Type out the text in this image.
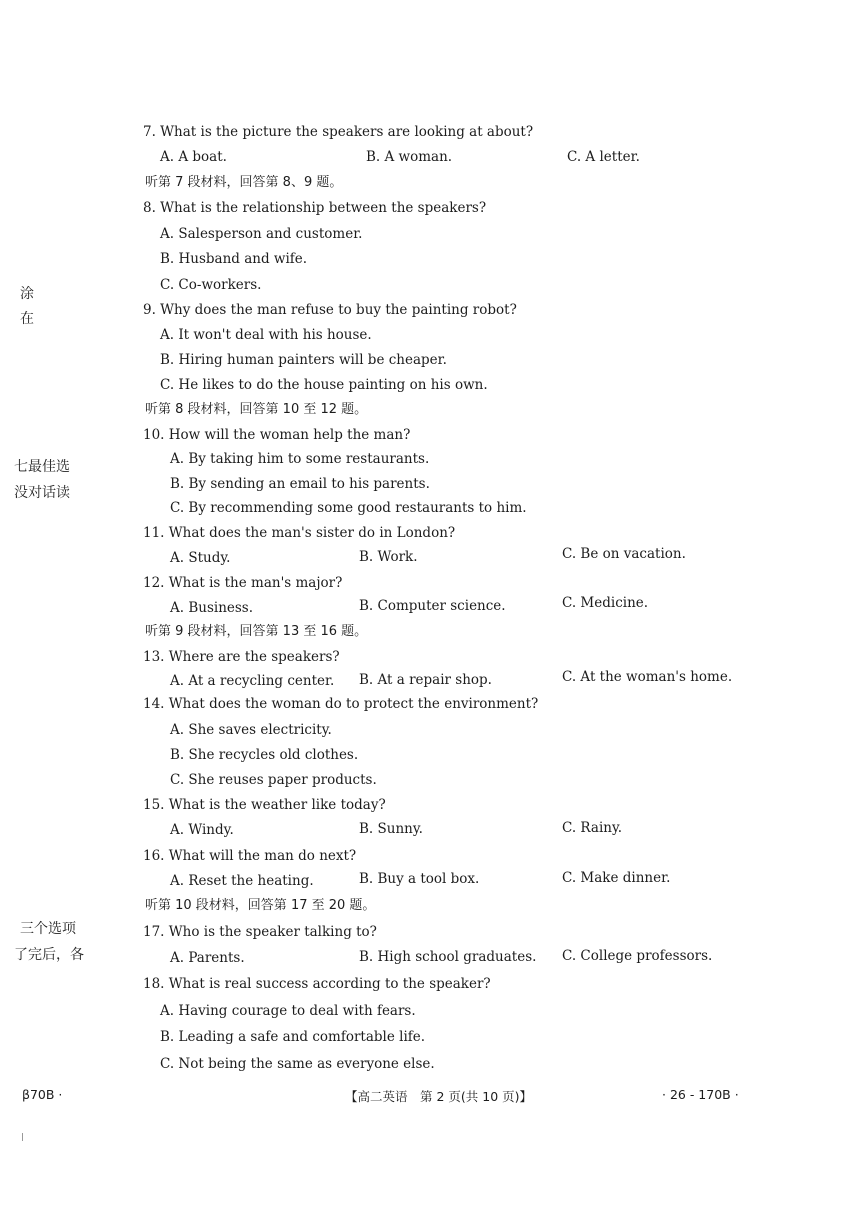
涂
在
七最佳选
没对话读
三个选项
了完后，各
7. What is the picture the speakers are looking at about?
A. A boat.	B. A woman.	C. A letter.
听第 7 段材料，回答第 8、9 题。
8. What is the relationship between the speakers?
A. Salesperson and customer.
B. Husband and wife.
C. Co-workers.
9. Why does the man refuse to buy the painting robot?
A. It won't deal with his house.
B. Hiring human painters will be cheaper.
C. He likes to do the house painting on his own.
听第 8 段材料，回答第 10 至 12 题。
10. How will the woman help the man?
A. By taking him to some restaurants.
B. By sending an email to his parents.
C. By recommending some good restaurants to him.
11. What does the man's sister do in London?
A. Study.	B. Work.	C. Be on vacation.
12. What is the man's major?
A. Business.	B. Computer science.	C. Medicine.
听第 9 段材料，回答第 13 至 16 题。
13. Where are the speakers?
A. At a recycling center. B. At a repair shop.	C. At the woman's home.
14. What does the woman do to protect the environment?
A. She saves electricity.
B. She recycles old clothes.
C. She reuses paper products.
15. What is the weather like today?
A. Windy.	B. Sunny.	C. Rainy.
16. What will the man do next?
A. Reset the heating.	B. Buy a tool box.	C. Make dinner.
听第 10 段材料，回答第 17 至 20 题。
17. Who is the speaker talking to?
A. Parents.	B. High school graduates. C. College professors.
18. What is real success according to the speaker?
A. Having courage to deal with fears.
B. Leading a safe and comfortable life.
C. Not being the same as everyone else.
β70B ·	【高二英语　第 2 页(共 10 页)】	· 26 - 170B ·
